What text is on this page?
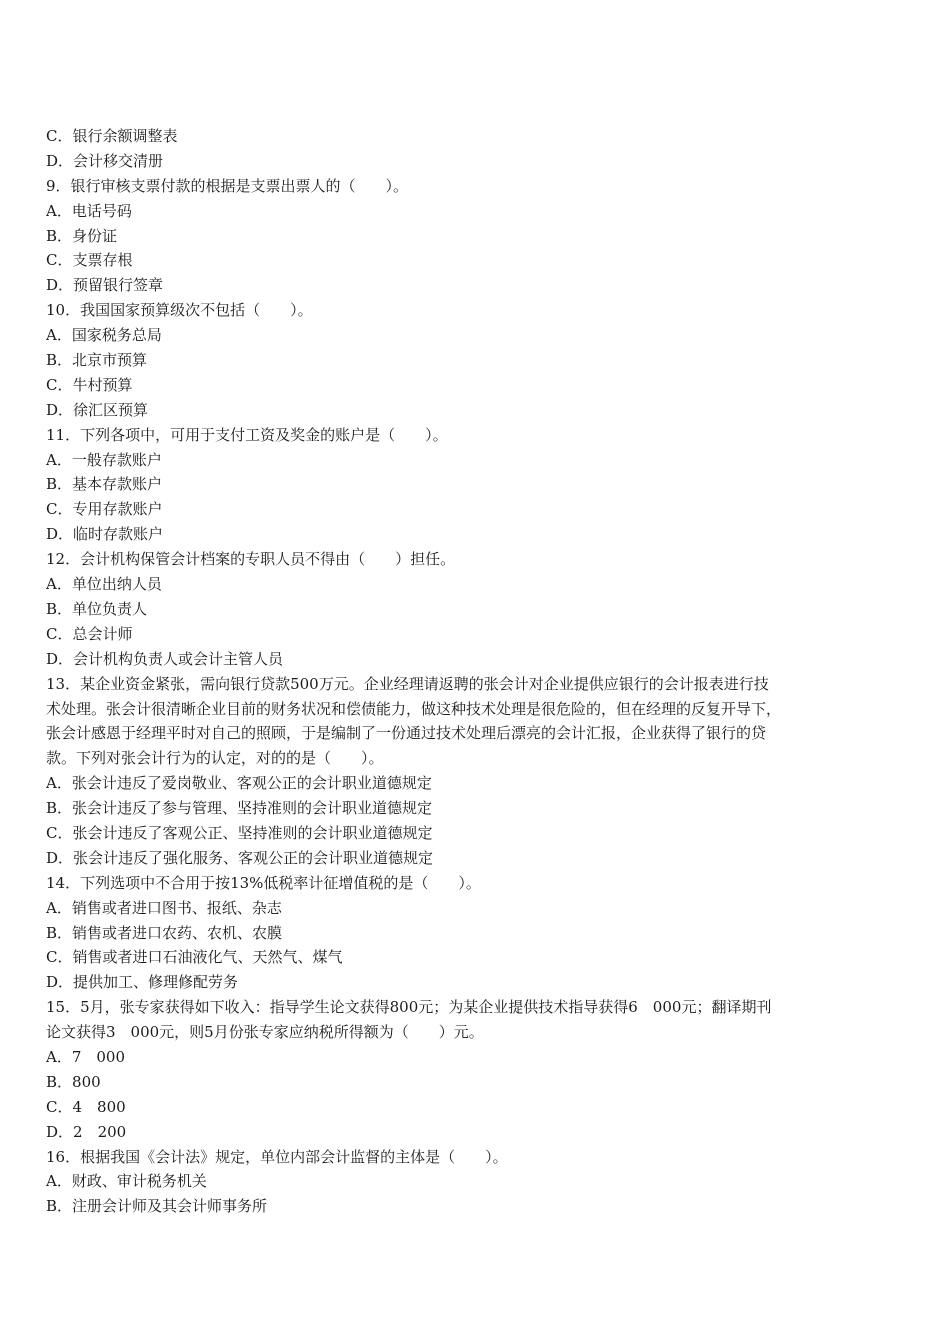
C．银行余额调整表
D．会计移交清册
9．银行审核支票付款的根据是支票出票人的（　　）。
A．电话号码
B．身份证
C．支票存根
D．预留银行签章
10．我国国家预算级次不包括（　　）。
A．国家税务总局
B．北京市预算
C．牛村预算
D．徐汇区预算
11．下列各项中，可用于支付工资及奖金的账户是（　　）。
A．一般存款账户
B．基本存款账户
C．专用存款账户
D．临时存款账户
12．会计机构保管会计档案的专职人员不得由（　　）担任。
A．单位出纳人员
B．单位负责人
C．总会计师
D．会计机构负责人或会计主管人员
13．某企业资金紧张，需向银行贷款500万元。企业经理请返聘的张会计对企业提供应银行的会计报表进行技
术处理。张会计很清晰企业目前的财务状况和偿债能力，做这种技术处理是很危险的，但在经理的反复开导下，
张会计感恩于经理平时对自己的照顾，于是编制了一份通过技术处理后漂亮的会计汇报，企业获得了银行的贷
款。下列对张会计行为的认定，对的的是（　　）。
A．张会计违反了爱岗敬业、客观公正的会计职业道德规定
B．张会计违反了参与管理、坚持准则的会计职业道德规定
C．张会计违反了客观公正、坚持准则的会计职业道德规定
D．张会计违反了强化服务、客观公正的会计职业道德规定
14．下列选项中不合用于按13%低税率计征增值税的是（　　）。
A．销售或者进口图书、报纸、杂志
B．销售或者进口农药、农机、农膜
C．销售或者进口石油液化气、天然气、煤气
D．提供加工、修理修配劳务
15．5月，张专家获得如下收入：指导学生论文获得800元；为某企业提供技术指导获得6　000元；翻译期刊
论文获得3　000元，则5月份张专家应纳税所得额为（　　）元。
A．7　000
B．800
C．4　800
D．2　200
16．根据我国《会计法》规定，单位内部会计监督的主体是（　　）。
A．财政、审计税务机关
B．注册会计师及其会计师事务所
